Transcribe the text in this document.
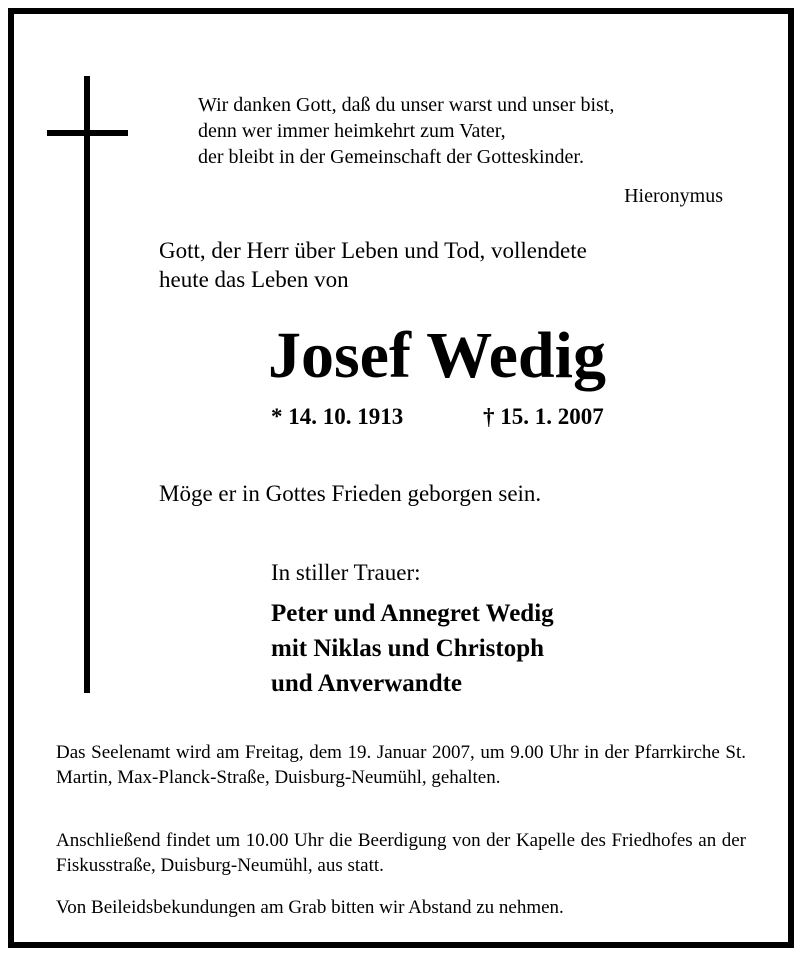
Wir danken Gott, daß du unser warst und unser bist,
denn wer immer heimkehrt zum Vater,
der bleibt in der Gemeinschaft der Gotteskinder.
Hieronymus
Gott, der Herr über Leben und Tod, vollendete
heute das Leben von
Josef Wedig
* 14. 10. 1913	† 15. 1. 2007
Möge er in Gottes Frieden geborgen sein.
In stiller Trauer:
Peter und Annegret Wedig
mit Niklas und Christoph
und Anverwandte
Das Seelenamt wird am Freitag, dem 19. Januar 2007, um 9.00 Uhr in der Pfarrkirche St. Martin, Max-Planck-Straße, Duisburg-Neumühl, gehalten.
Anschließend findet um 10.00 Uhr die Beerdigung von der Kapelle des Friedhofes an der Fiskusstraße, Duisburg-Neumühl, aus statt.
Von Beileidsbekundungen am Grab bitten wir Abstand zu nehmen.
